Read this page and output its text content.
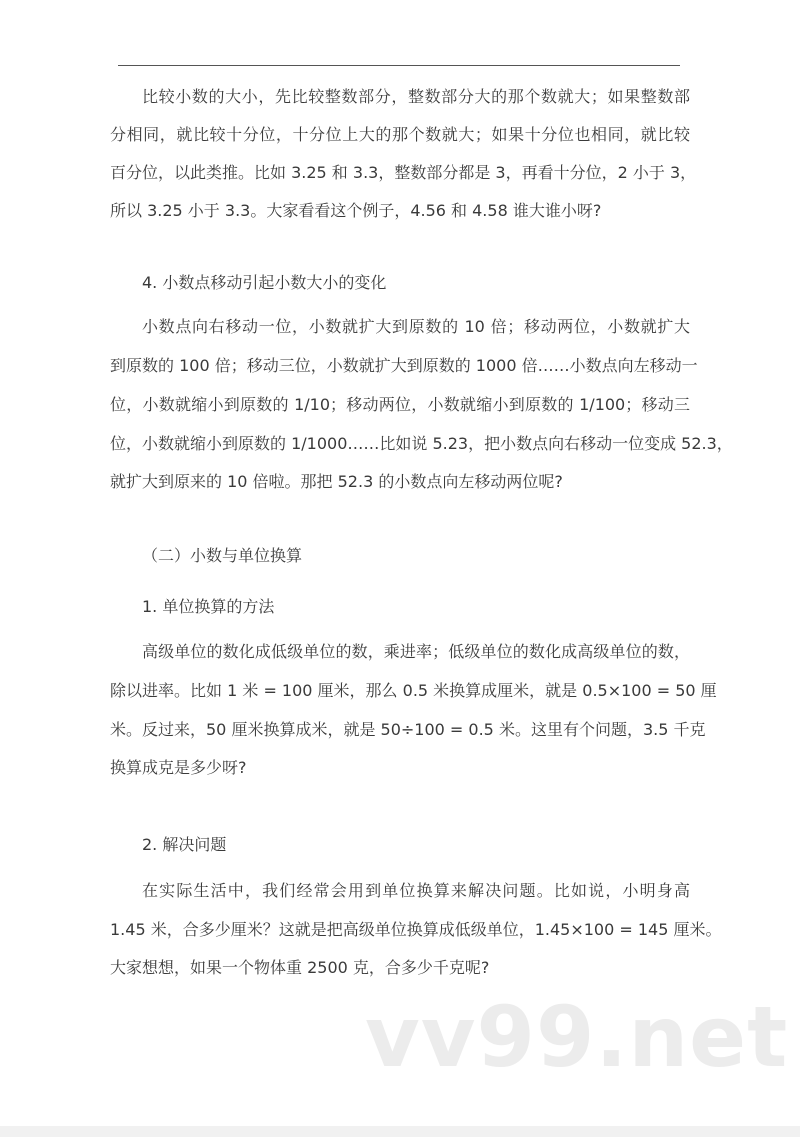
比较小数的大小，先比较整数部分，整数部分大的那个数就大；如果整数部
分相同，就比较十分位，十分位上大的那个数就大；如果十分位也相同，就比较
百分位，以此类推。比如 3.25 和 3.3，整数部分都是 3，再看十分位，2 小于 3，
所以 3.25 小于 3.3。大家看看这个例子，4.56 和 4.58 谁大谁小呀?
4. 小数点移动引起小数大小的变化
小数点向右移动一位，小数就扩大到原数的 10 倍；移动两位，小数就扩大
到原数的 100 倍；移动三位，小数就扩大到原数的 1000 倍……小数点向左移动一
位，小数就缩小到原数的 1/10；移动两位，小数就缩小到原数的 1/100；移动三
位，小数就缩小到原数的 1/1000……比如说 5.23，把小数点向右移动一位变成 52.3，
就扩大到原来的 10 倍啦。那把 52.3 的小数点向左移动两位呢?
（二）小数与单位换算
1. 单位换算的方法
高级单位的数化成低级单位的数，乘进率；低级单位的数化成高级单位的数，
除以进率。比如 1 米 = 100 厘米，那么 0.5 米换算成厘米，就是 0.5×100 = 50 厘
米。反过来，50 厘米换算成米，就是 50÷100 = 0.5 米。这里有个问题，3.5 千克
换算成克是多少呀?
2. 解决问题
在实际生活中，我们经常会用到单位换算来解决问题。比如说，小明身高
1.45 米，合多少厘米？这就是把高级单位换算成低级单位，1.45×100 = 145 厘米。
大家想想，如果一个物体重 2500 克，合多少千克呢?
vv99.net
